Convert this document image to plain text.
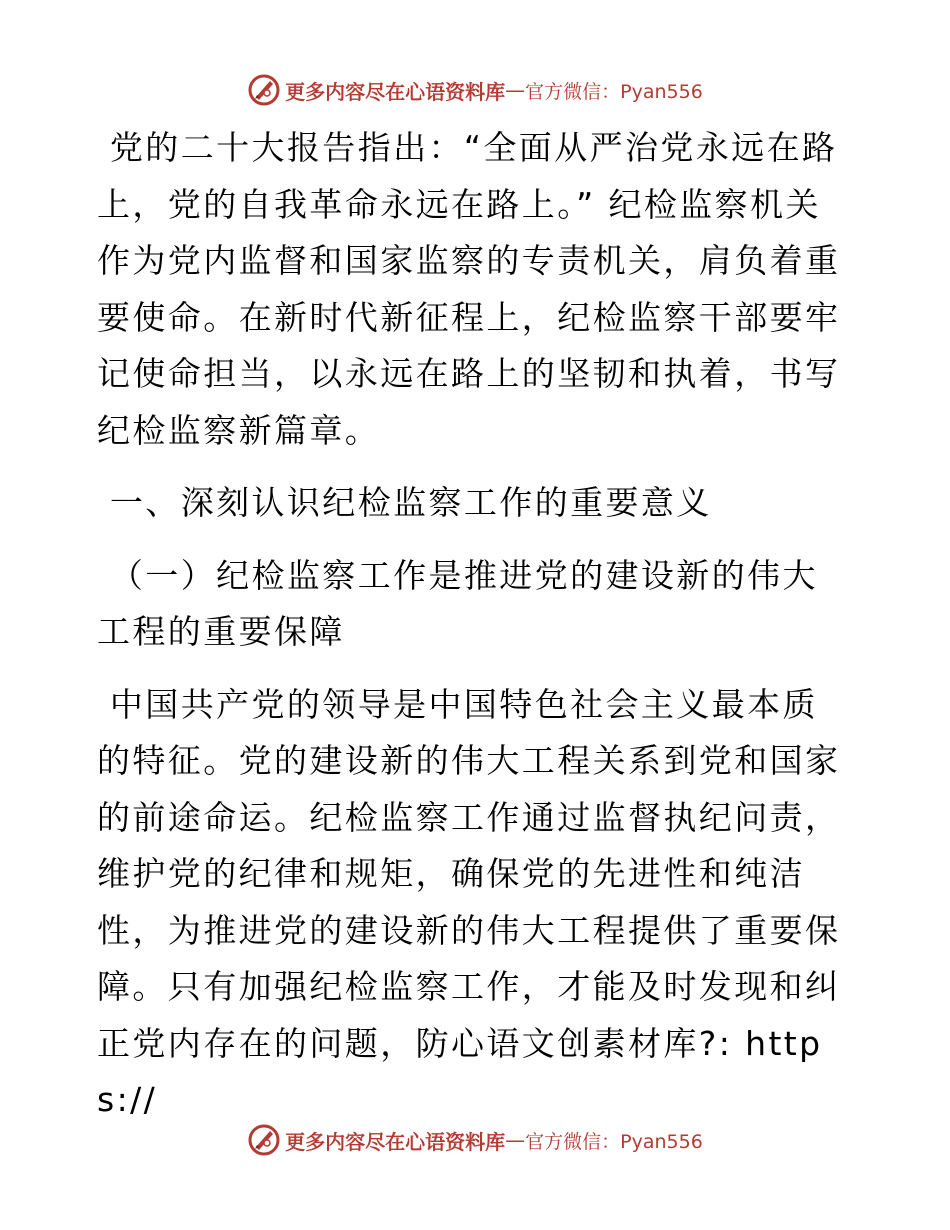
更多内容尽在心语资料库 — 官方微信：Pyan556

党的二十大报告指出：“全面从严治党永远在路上，党的自我革命永远在路上。” 纪检监察机关作为党内监督和国家监察的专责机关，肩负着重要使命。在新时代新征程上，纪检监察干部要牢记使命担当，以永远在路上的坚韧和执着，书写纪检监察新篇章。

一、深刻认识纪检监察工作的重要意义

（一）纪检监察工作是推进党的建设新的伟大工程的重要保障

中国共产党的领导是中国特色社会主义最本质的特征。党的建设新的伟大工程关系到党和国家的前途命运。纪检监察工作通过监督执纪问责，维护党的纪律和规矩，确保党的先进性和纯洁性，为推进党的建设新的伟大工程提供了重要保障。只有加强纪检监察工作，才能及时发现和纠正党内存在的问题，防心语文创素材库?: https://

更多内容尽在心语资料库 — 官方微信：Pyan556
